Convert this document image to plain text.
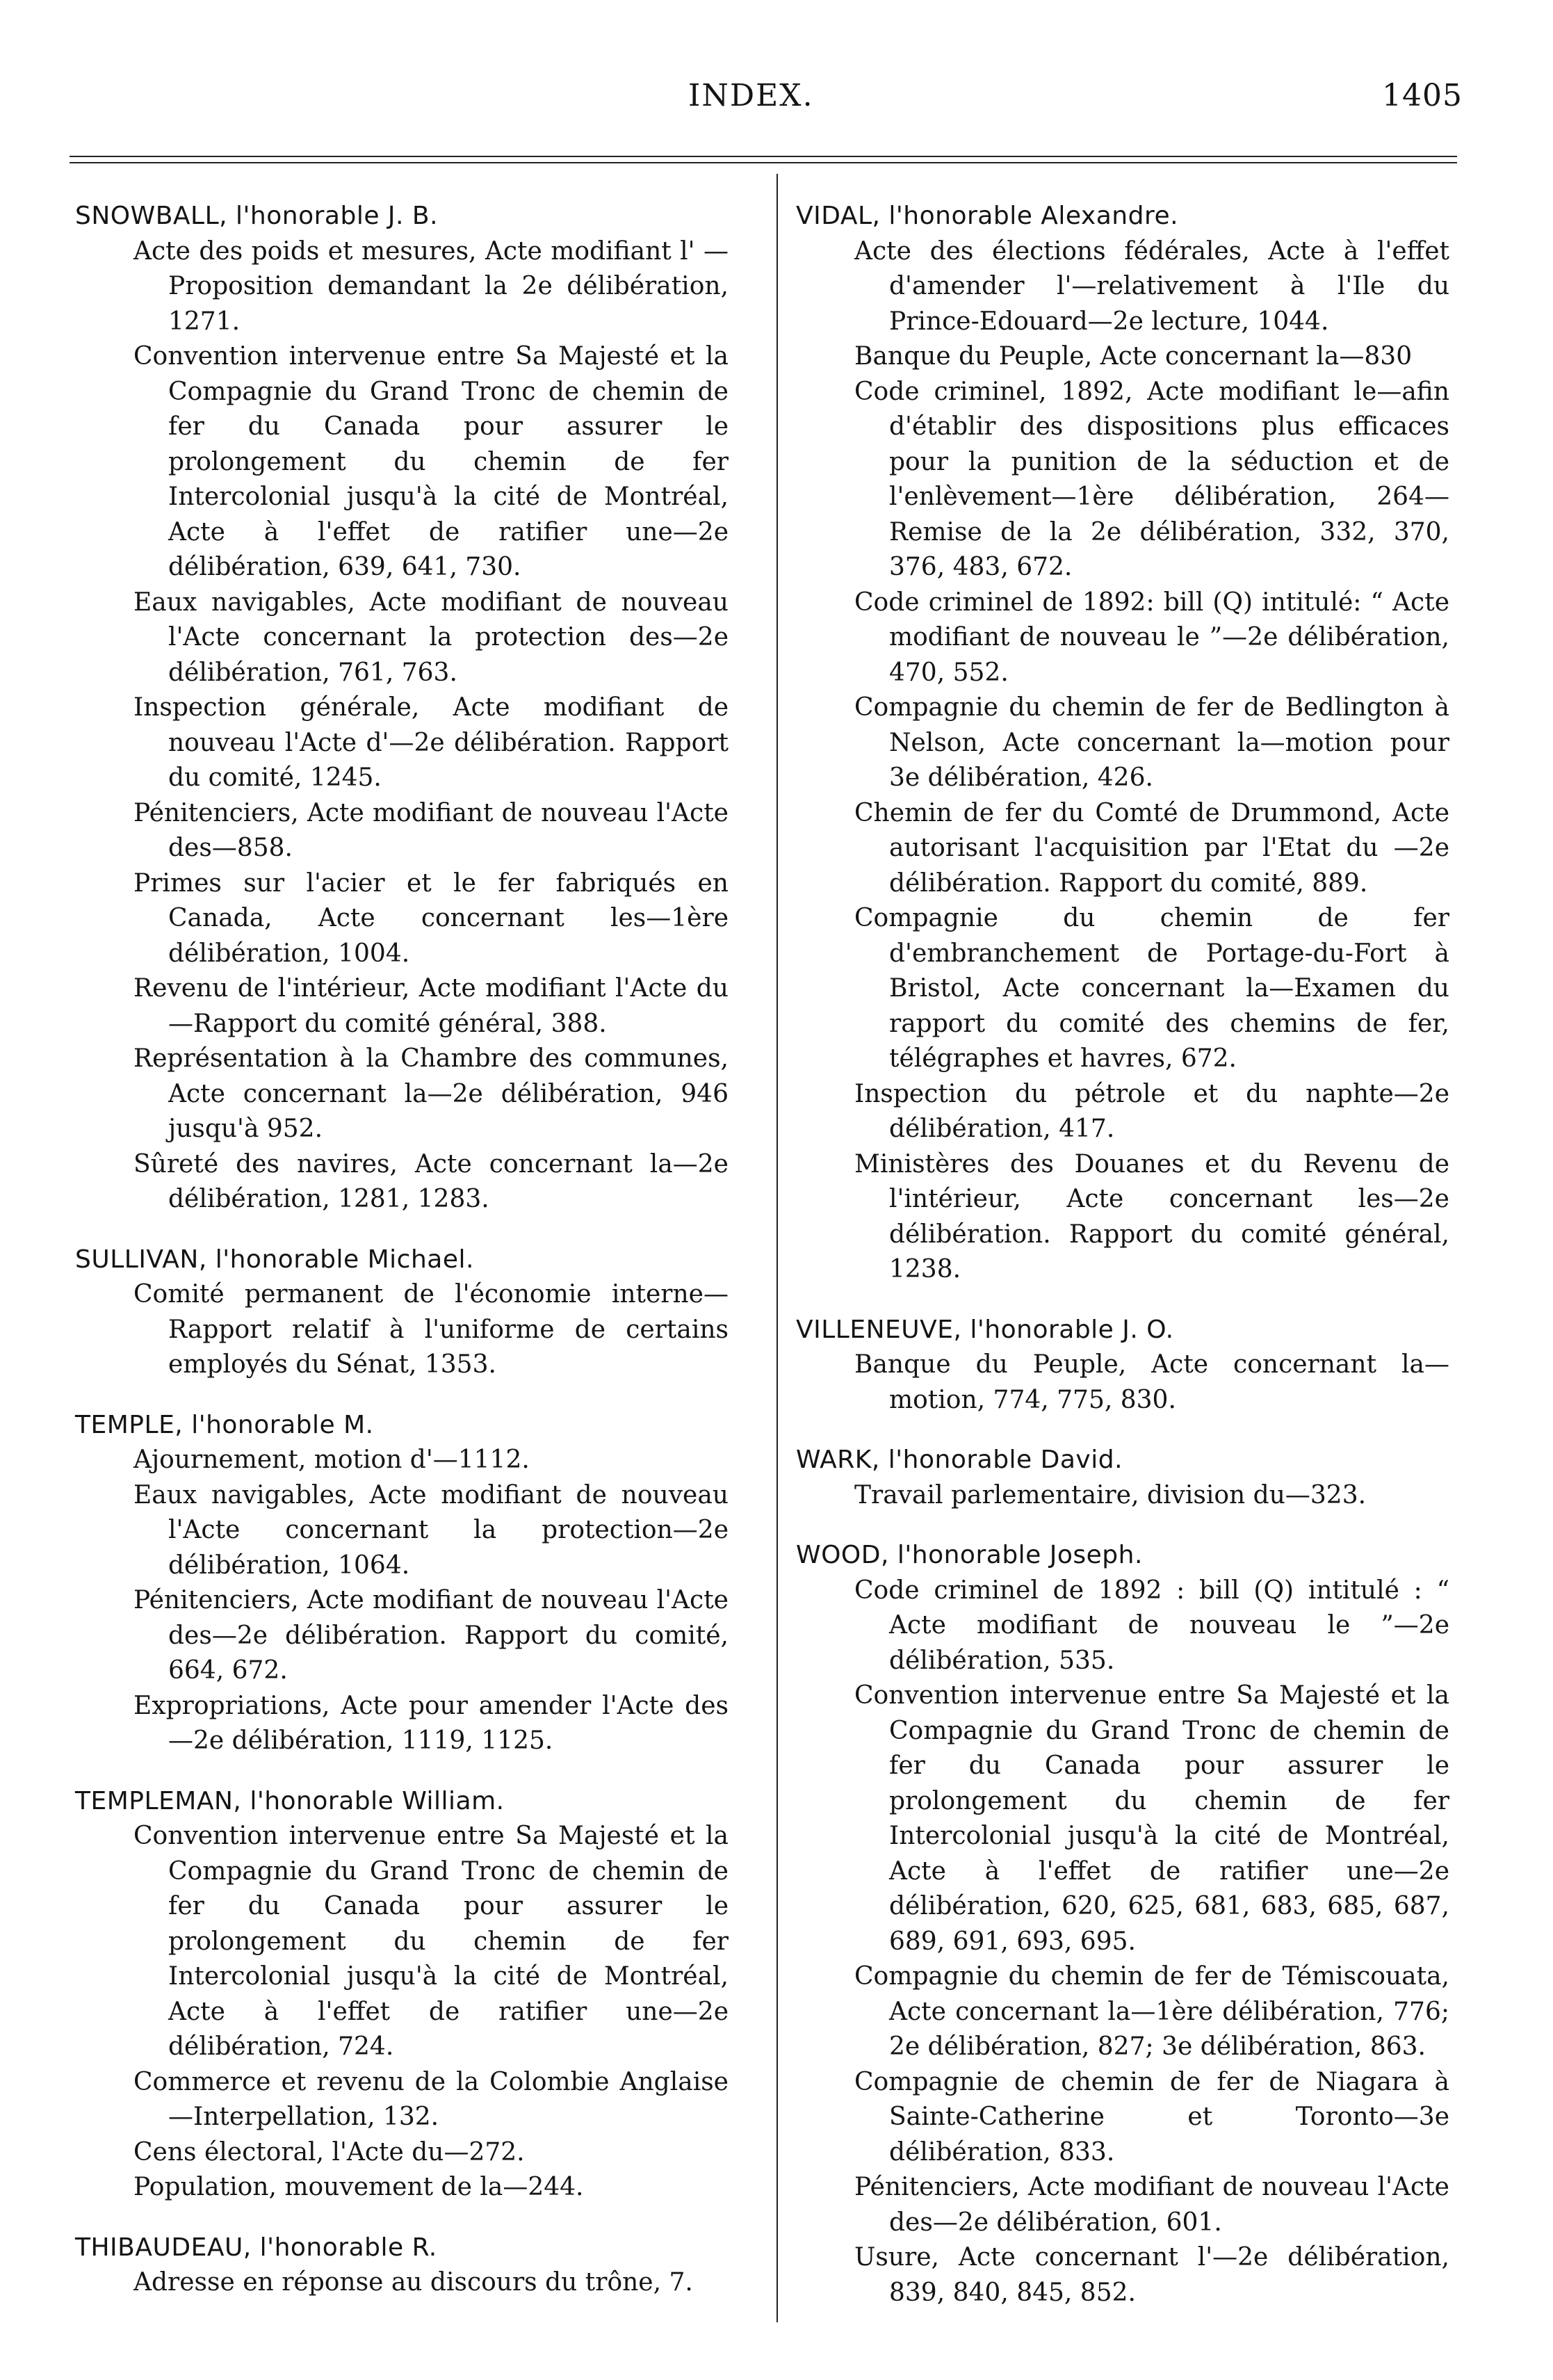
INDEX.	1405
SNOWBALL, l'honorable J. B.
Acte des poids et mesures, Acte modifiant l' —Proposition demandant la 2e délibération, 1271.
Convention intervenue entre Sa Majesté et la Compagnie du Grand Tronc de chemin de fer du Canada pour assurer le prolongement du chemin de fer Intercolonial jusqu'à la cité de Montréal, Acte à l'effet de ratifier une—2e délibération, 639, 641, 730.
Eaux navigables, Acte modifiant de nouveau l'Acte concernant la protection des—2e délibération, 761, 763.
Inspection générale, Acte modifiant de nouveau l'Acte d'—2e délibération. Rapport du comité, 1245.
Pénitenciers, Acte modifiant de nouveau l'Acte des—858.
Primes sur l'acier et le fer fabriqués en Canada, Acte concernant les—1ère délibération, 1004.
Revenu de l'intérieur, Acte modifiant l'Acte du—Rapport du comité général, 388.
Représentation à la Chambre des communes, Acte concernant la—2e délibération, 946 jusqu'à 952.
Sûreté des navires, Acte concernant la—2e délibération, 1281, 1283.
SULLIVAN, l'honorable Michael.
Comité permanent de l'économie interne—Rapport relatif à l'uniforme de certains employés du Sénat, 1353.
TEMPLE, l'honorable M.
Ajournement, motion d'—1112.
Eaux navigables, Acte modifiant de nouveau l'Acte concernant la protection—2e délibération, 1064.
Pénitenciers, Acte modifiant de nouveau l'Acte des—2e délibération. Rapport du comité, 664, 672.
Expropriations, Acte pour amender l'Acte des—2e délibération, 1119, 1125.
TEMPLEMAN, l'honorable William.
Convention intervenue entre Sa Majesté et la Compagnie du Grand Tronc de chemin de fer du Canada pour assurer le prolongement du chemin de fer Intercolonial jusqu'à la cité de Montréal, Acte à l'effet de ratifier une—2e délibération, 724.
Commerce et revenu de la Colombie Anglaise—Interpellation, 132.
Cens électoral, l'Acte du—272.
Population, mouvement de la—244.
THIBAUDEAU, l'honorable R.
Adresse en réponse au discours du trône, 7.
VIDAL, l'honorable Alexandre.
Acte des élections fédérales, Acte à l'effet d'amender l'—relativement à l'Ile du Prince-Edouard—2e lecture, 1044.
Banque du Peuple, Acte concernant la—830
Code criminel, 1892, Acte modifiant le—afin d'établir des dispositions plus efficaces pour la punition de la séduction et de l'enlèvement—1ère délibération, 264—Remise de la 2e délibération, 332, 370, 376, 483, 672.
Code criminel de 1892: bill (Q) intitulé: “ Acte modifiant de nouveau le ”—2e délibération, 470, 552.
Compagnie du chemin de fer de Bedlington à Nelson, Acte concernant la—motion pour 3e délibération, 426.
Chemin de fer du Comté de Drummond, Acte autorisant l'acquisition par l'Etat du —2e délibération. Rapport du comité, 889.
Compagnie du chemin de fer d'embranchement de Portage-du-Fort à Bristol, Acte concernant la—Examen du rapport du comité des chemins de fer, télégraphes et havres, 672.
Inspection du pétrole et du naphte—2e délibération, 417.
Ministères des Douanes et du Revenu de l'intérieur, Acte concernant les—2e délibération. Rapport du comité général, 1238.
VILLENEUVE, l'honorable J. O.
Banque du Peuple, Acte concernant la—motion, 774, 775, 830.
WARK, l'honorable David.
Travail parlementaire, division du—323.
WOOD, l'honorable Joseph.
Code criminel de 1892 : bill (Q) intitulé : “ Acte modifiant de nouveau le ”—2e délibération, 535.
Convention intervenue entre Sa Majesté et la Compagnie du Grand Tronc de chemin de fer du Canada pour assurer le prolongement du chemin de fer Intercolonial jusqu'à la cité de Montréal, Acte à l'effet de ratifier une—2e délibération, 620, 625, 681, 683, 685, 687, 689, 691, 693, 695.
Compagnie du chemin de fer de Témiscouata, Acte concernant la—1ère délibération, 776; 2e délibération, 827; 3e délibération, 863.
Compagnie de chemin de fer de Niagara à Sainte-Catherine et Toronto—3e délibération, 833.
Pénitenciers, Acte modifiant de nouveau l'Acte des—2e délibération, 601.
Usure, Acte concernant l'—2e délibération, 839, 840, 845, 852.
